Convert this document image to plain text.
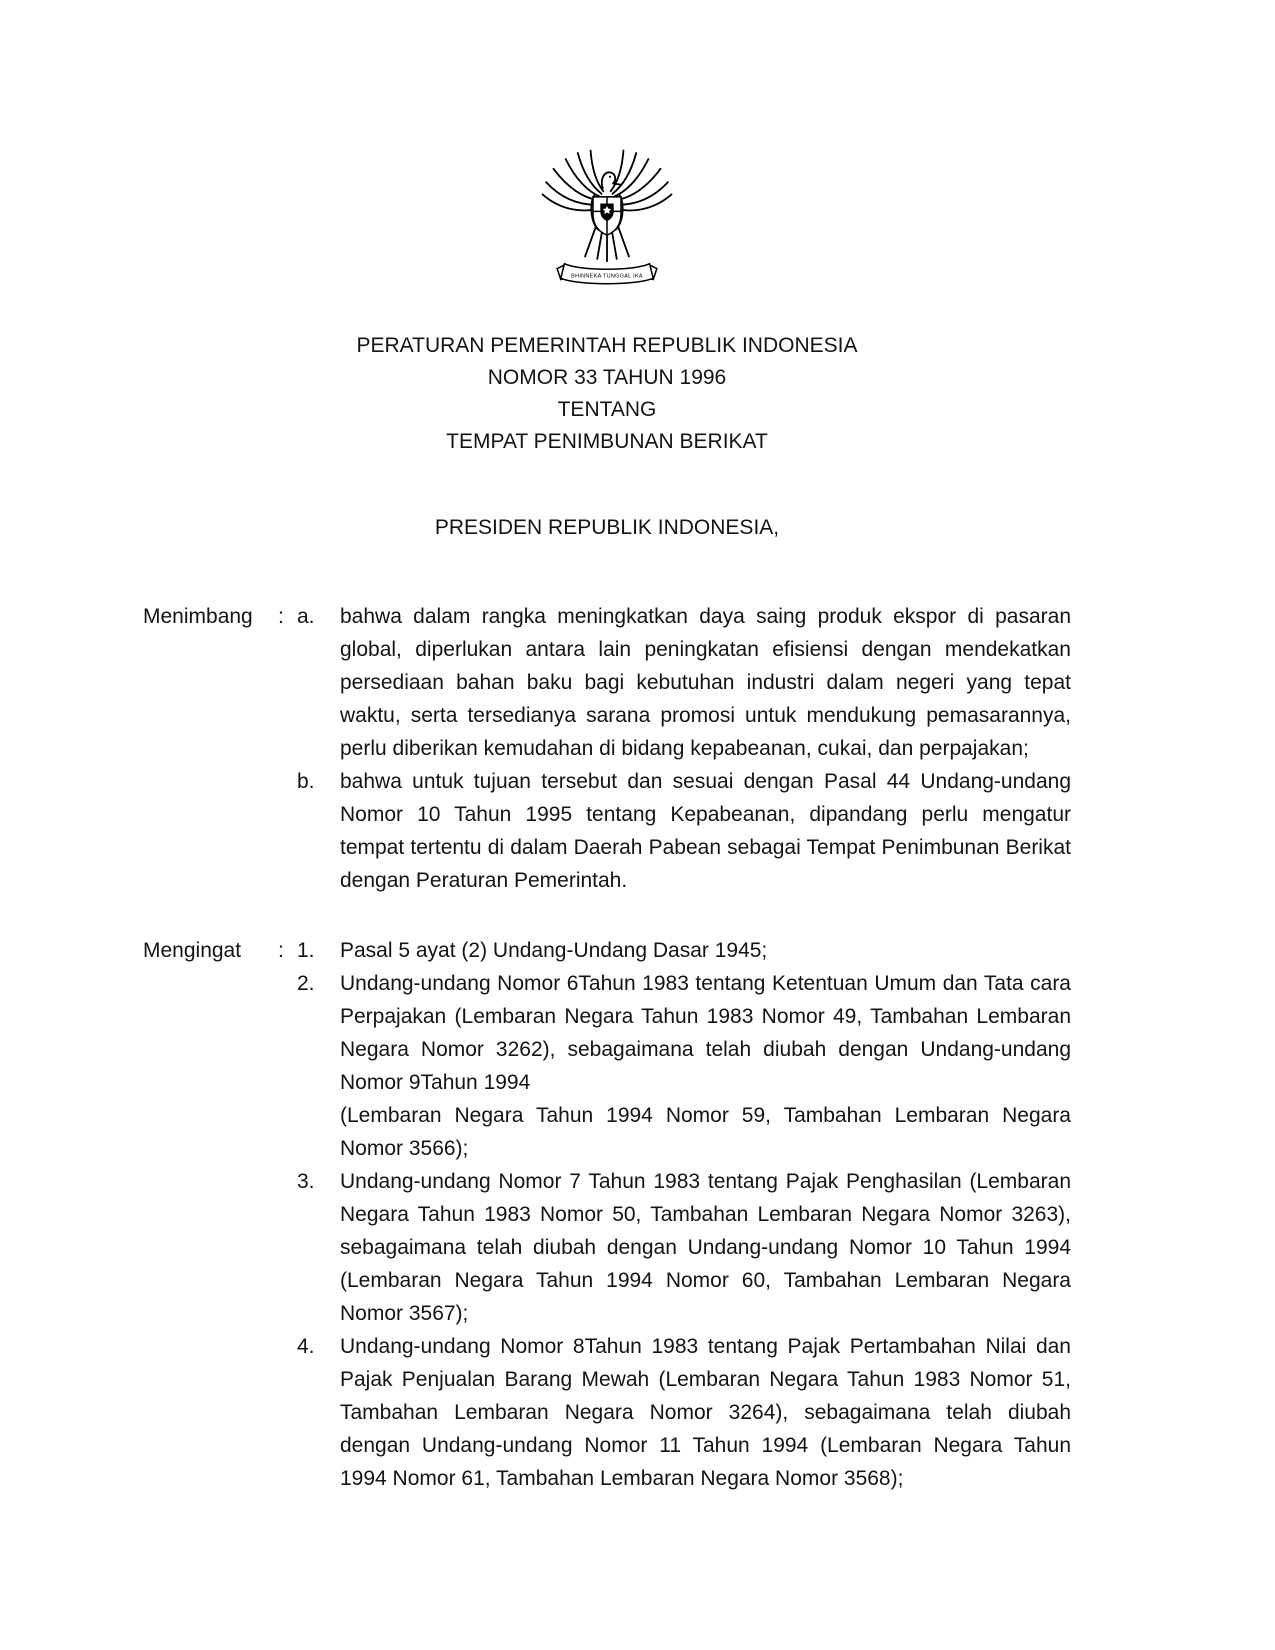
BHINNEKA TUNGGAL IKA
PERATURAN PEMERINTAH REPUBLIK INDONESIA
NOMOR 33 TAHUN 1996
TENTANG
TEMPAT PENIMBUNAN BERIKAT
PRESIDEN REPUBLIK INDONESIA,
Menimbang	: a.	bahwa dalam rangka meningkatkan daya saing produk ekspor di pasaran global, diperlukan antara lain peningkatan efisiensi dengan mendekatkan persediaan bahan baku bagi kebutuhan industri dalam negeri yang tepat waktu, serta tersedianya sarana promosi untuk mendukung pemasarannya, perlu diberikan kemudahan di bidang kepabeanan, cukai, dan perpajakan;
b.	bahwa untuk tujuan tersebut dan sesuai dengan Pasal 44 Undang-undang Nomor 10 Tahun 1995 tentang Kepabeanan, dipandang perlu mengatur tempat tertentu di dalam Daerah Pabean sebagai Tempat Penimbunan Berikat dengan Peraturan Pemerintah.
Mengingat	: 1.	Pasal 5 ayat (2) Undang-Undang Dasar 1945;
2.	Undang-undang Nomor 6Tahun 1983 tentang Ketentuan Umum dan Tata cara Perpajakan (Lembaran Negara Tahun 1983 Nomor 49, Tambahan Lembaran Negara Nomor 3262), sebagaimana telah diubah dengan Undang-undang Nomor 9Tahun 1994
(Lembaran Negara Tahun 1994 Nomor 59, Tambahan Lembaran Negara Nomor 3566);
3.	Undang-undang Nomor 7 Tahun 1983 tentang Pajak Penghasilan (Lembaran Negara Tahun 1983 Nomor 50, Tambahan Lembaran Negara Nomor 3263), sebagaimana telah diubah dengan Undang-undang Nomor 10 Tahun 1994 (Lembaran Negara Tahun 1994 Nomor 60, Tambahan Lembaran Negara Nomor 3567);
4.	Undang-undang Nomor 8Tahun 1983 tentang Pajak Pertambahan Nilai dan Pajak Penjualan Barang Mewah (Lembaran Negara Tahun 1983 Nomor 51, Tambahan Lembaran Negara Nomor 3264), sebagaimana telah diubah dengan Undang-undang Nomor 11 Tahun 1994 (Lembaran Negara Tahun 1994 Nomor 61, Tambahan Lembaran Negara Nomor 3568);
